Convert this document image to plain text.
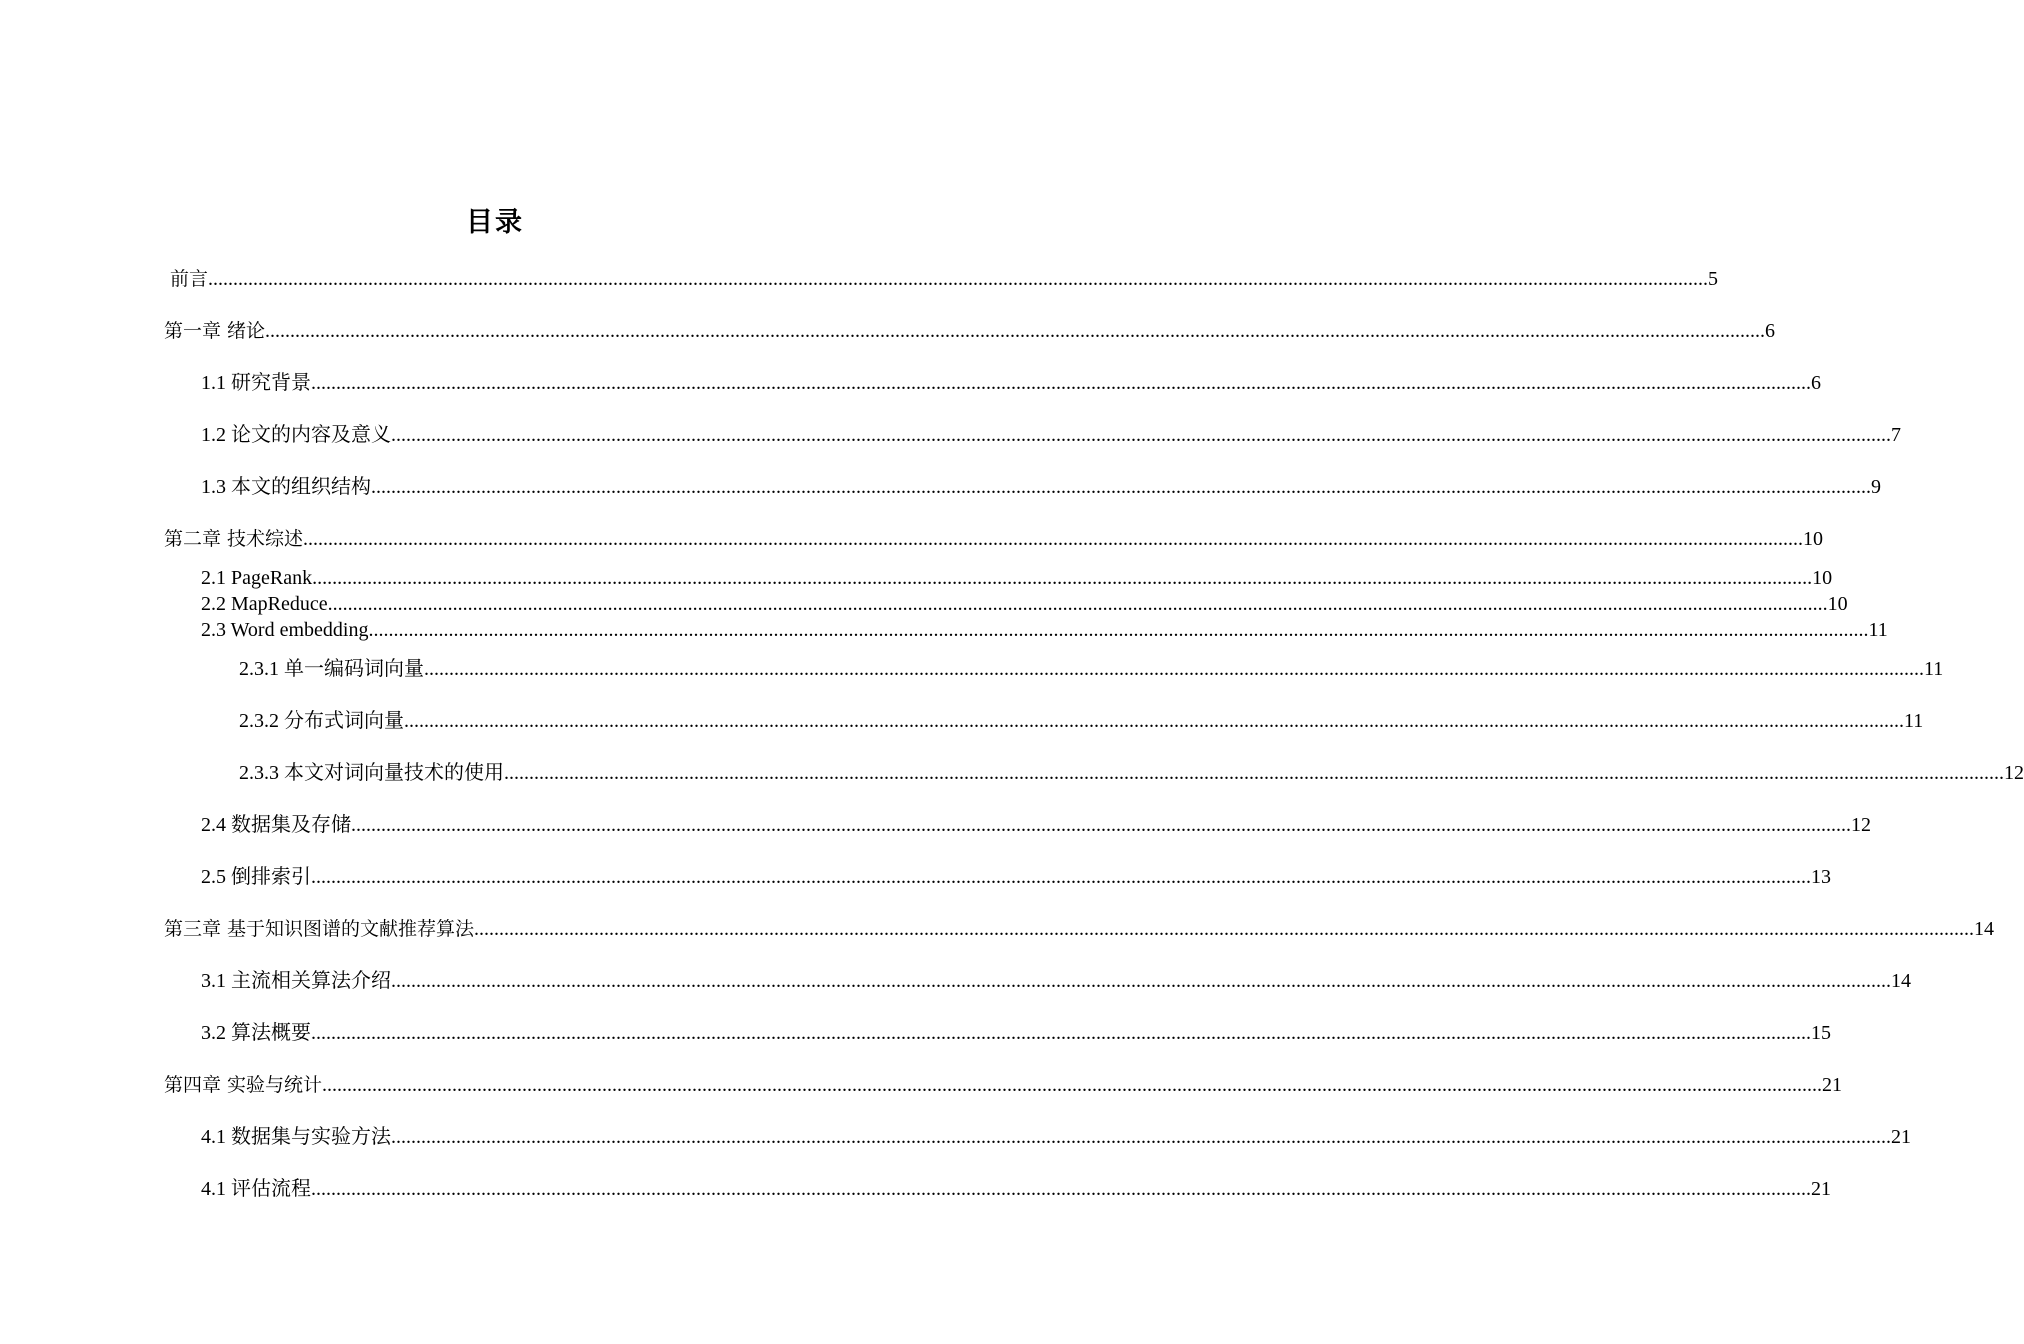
目录
前言 ............................................................................................................................................................................................................................................................................................................ 5
第一章 绪论 ............................................................................................................................................................................................................................................................................................................ 6
1.1 研究背景 ............................................................................................................................................................................................................................................................................................................ 6
1.2 论文的内容及意义 ............................................................................................................................................................................................................................................................................................................ 7
1.3 本文的组织结构 ............................................................................................................................................................................................................................................................................................................ 9
第二章 技术综述 ............................................................................................................................................................................................................................................................................................................ 10
2.1 PageRank ............................................................................................................................................................................................................................................................................................................ 10
2.2 MapReduce ............................................................................................................................................................................................................................................................................................................ 10
2.3 Word embedding ............................................................................................................................................................................................................................................................................................................ 11
2.3.1 单一编码词向量 ............................................................................................................................................................................................................................................................................................................ 11
2.3.2 分布式词向量 ............................................................................................................................................................................................................................................................................................................ 11
2.3.3 本文对词向量技术的使用 ............................................................................................................................................................................................................................................................................................................ 12
2.4 数据集及存储 ............................................................................................................................................................................................................................................................................................................ 12
2.5 倒排索引 ............................................................................................................................................................................................................................................................................................................ 13
第三章 基于知识图谱的文献推荐算法 ............................................................................................................................................................................................................................................................................................................ 14
3.1 主流相关算法介绍 ............................................................................................................................................................................................................................................................................................................ 14
3.2 算法概要 ............................................................................................................................................................................................................................................................................................................ 15
第四章 实验与统计 ............................................................................................................................................................................................................................................................................................................ 21
4.1 数据集与实验方法 ............................................................................................................................................................................................................................................................................................................ 21
4.1 评估流程 ............................................................................................................................................................................................................................................................................................................ 21
